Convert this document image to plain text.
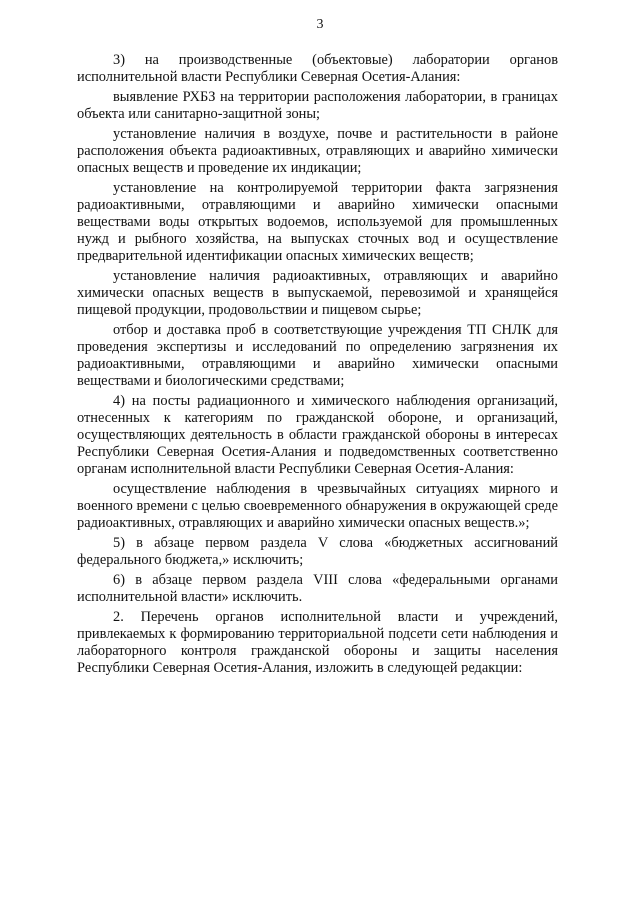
3

3) на производственные (объектовые) лаборатории органов исполнительной власти Республики Северная Осетия-Алания:

выявление РХБЗ на территории расположения лаборатории, в границах объекта или санитарно-защитной зоны;

установление наличия в воздухе, почве и растительности в районе расположения объекта радиоактивных, отравляющих и аварийно химически опасных веществ и проведение их индикации;

установление на контролируемой территории факта загрязнения радиоактивными, отравляющими и аварийно химически опасными веществами воды открытых водоемов, используемой для промышленных нужд и рыбного хозяйства, на выпусках сточных вод и осуществление предварительной идентификации опасных химических веществ;

установление наличия радиоактивных, отравляющих и аварийно химически опасных веществ в выпускаемой, перевозимой и хранящейся пищевой продукции, продовольствии и пищевом сырье;

отбор и доставка проб в соответствующие учреждения ТП СНЛК для проведения экспертизы и исследований по определению загрязнения их радиоактивными, отравляющими и аварийно химически опасными веществами и биологическими средствами;

4) на посты радиационного и химического наблюдения организаций, отнесенных к категориям по гражданской обороне, и организаций, осуществляющих деятельность в области гражданской обороны в интересах Республики Северная Осетия-Алания и подведомственных соответственно органам исполнительной власти Республики Северная Осетия-Алания:

осуществление наблюдения в чрезвычайных ситуациях мирного и военного времени с целью своевременного обнаружения в окружающей среде радиоактивных, отравляющих и аварийно химически опасных веществ.»;

5) в абзаце первом раздела V слова «бюджетных ассигнований федерального бюджета,» исключить;

6) в абзаце первом раздела VIII слова «федеральными органами исполнительной власти» исключить.

2. Перечень органов исполнительной власти и учреждений, привлекаемых к формированию территориальной подсети сети наблюдения и лабораторного контроля гражданской обороны и защиты населения Республики Северная Осетия-Алания, изложить в следующей редакции:
